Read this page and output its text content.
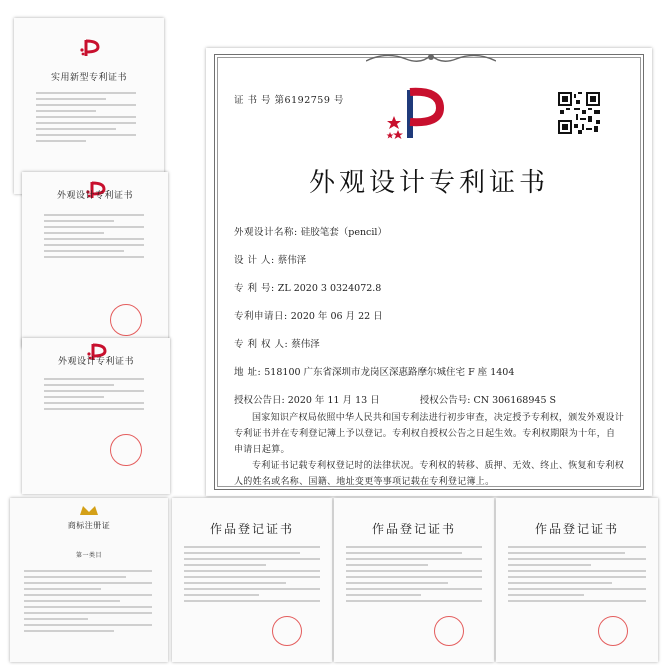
实用新型专利证书
外观设计专利证书
外观设计专利证书
证 书 号 第6192759 号
外观设计专利证书
外观设计名称: 硅胶笔套（pencil）
设 计 人: 蔡伟泽
专 利 号: ZL 2020 3 0324072.8
专利申请日: 2020 年 06 月 22 日
专 利 权 人: 蔡伟泽
地 址: 518100 广东省深圳市龙岗区深惠路摩尔城住宅 F 座 1404
授权公告日: 2020 年 11 月 13 日	授权公告号: CN 306168945 S
国家知识产权局依照中华人民共和国专利法进行初步审查，决定授予专利权，颁发外观设计专利证书并在专利登记簿上予以登记。专利权自授权公告之日起生效。专利权期限为十年，自申请日起算。
专利证书记载专利权登记时的法律状况。专利权的转移、质押、无效、终止、恢复和专利权人的姓名或名称、国籍、地址变更等事项记载在专利登记簿上。
商标注册证
第一类目
作品登记证书	作品登记证书	作品登记证书
